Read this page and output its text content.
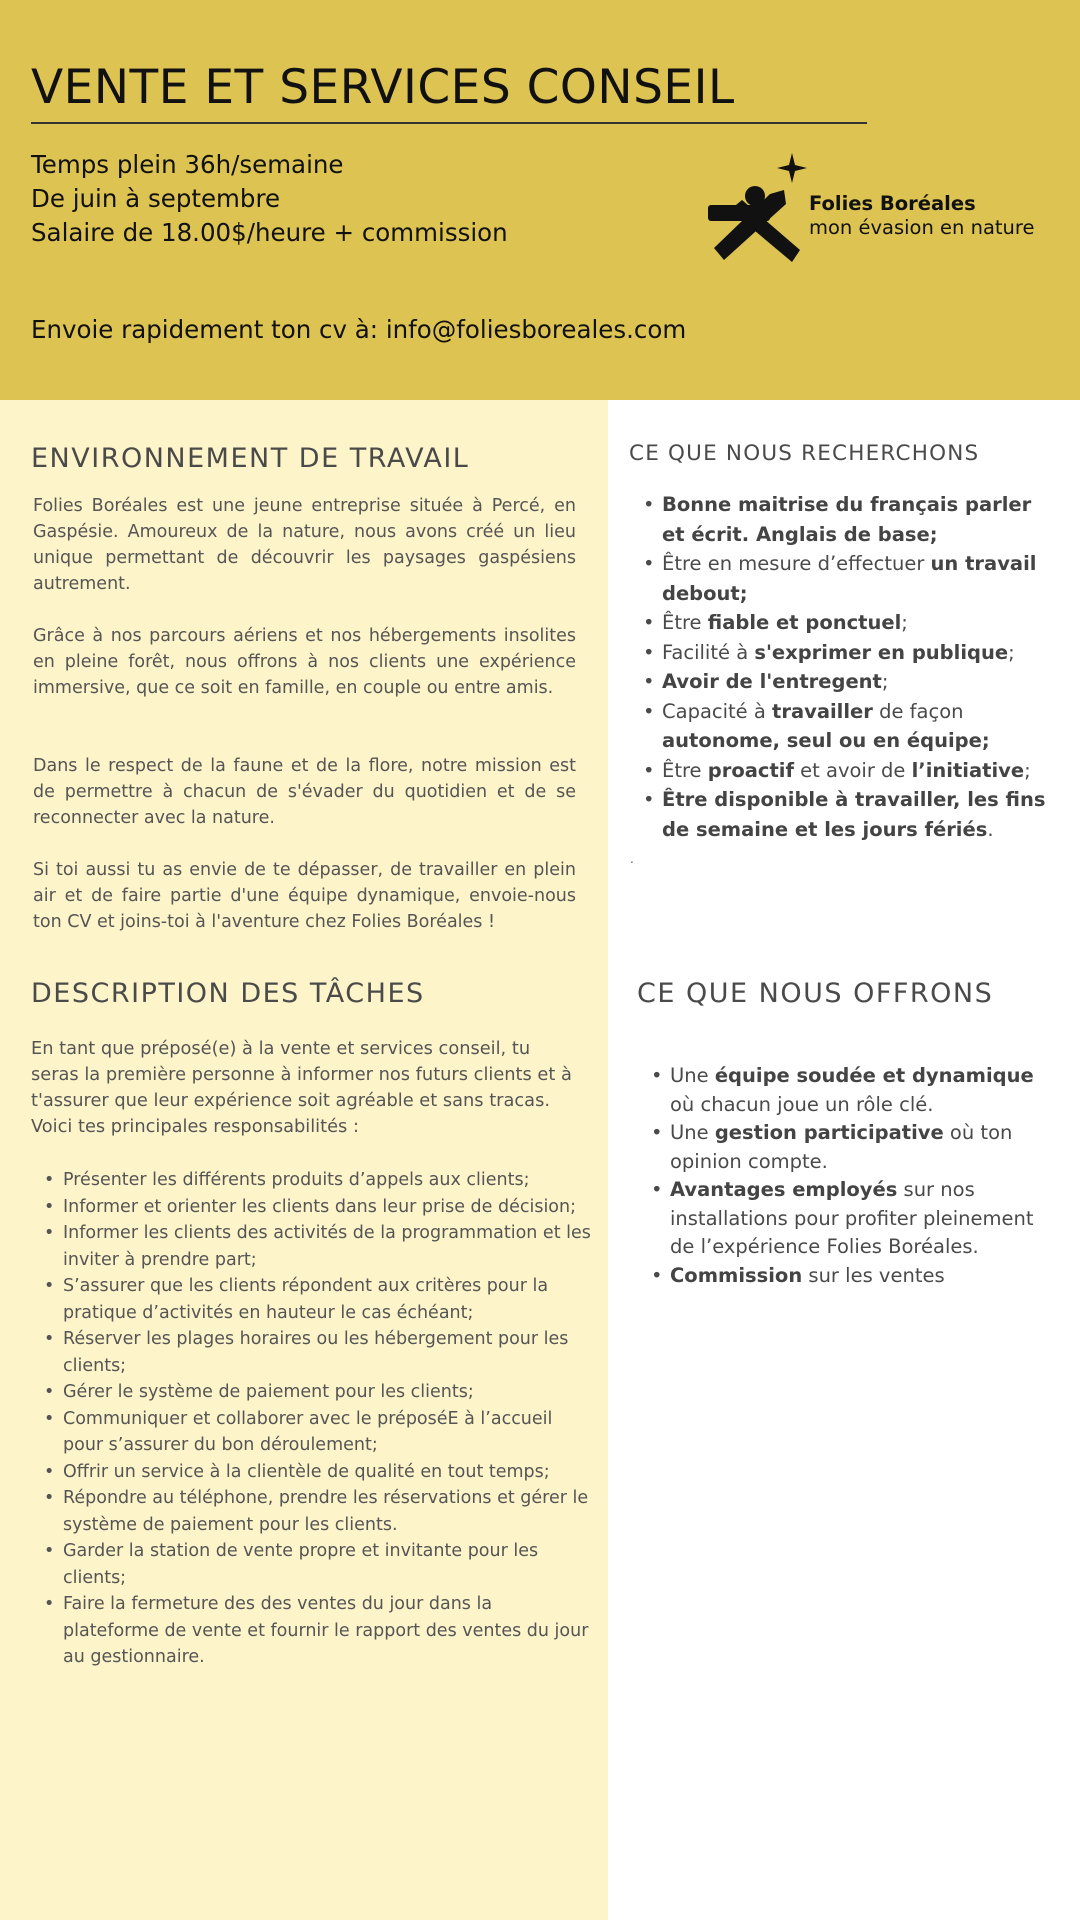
VENTE ET SERVICES CONSEIL
Temps plein 36h/semaine
De juin à septembre
Salaire de 18.00$/heure + commission
Envoie rapidement ton cv à: info@foliesboreales.com
Folies Boréales
mon évasion en nature
ENVIRONNEMENT DE TRAVAIL
Folies Boréales est une jeune entreprise située à Percé, en Gaspésie. Amoureux de la nature, nous avons créé un lieu unique permettant de découvrir les paysages gaspésiens autrement.
Grâce à nos parcours aériens et nos hébergements insolites en pleine forêt, nous offrons à nos clients une expérience immersive, que ce soit en famille, en couple ou entre amis.
Dans le respect de la faune et de la flore, notre mission est de permettre à chacun de s'évader du quotidien et de se reconnecter avec la nature.
Si toi aussi tu as envie de te dépasser, de travailler en plein air et de faire partie d'une équipe dynamique, envoie-nous ton CV et joins-toi à l'aventure chez Folies Boréales !
CE QUE NOUS RECHERCHONS
• Bonne maitrise du français parler et écrit. Anglais de base;
• Être en mesure d’effectuer un travail debout;
• Être fiable et ponctuel;
• Facilité à s'exprimer en publique;
• Avoir de l'entregent;
• Capacité à travailler de façon autonome, seul ou en équipe;
• Être proactif et avoir de l’initiative;
• Être disponible à travailler, les fins de semaine et les jours fériés.
.
DESCRIPTION DES TÂCHES
En tant que préposé(e) à la vente et services conseil, tu seras la première personne à informer nos futurs clients et à t'assurer que leur expérience soit agréable et sans tracas. Voici tes principales responsabilités :
• Présenter les différents produits d’appels aux clients;
• Informer et orienter les clients dans leur prise de décision;
• Informer les clients des activités de la programmation et les inviter à prendre part;
• S’assurer que les clients répondent aux critères pour la pratique d’activités en hauteur le cas échéant;
• Réserver les plages horaires ou les hébergement pour les clients;
• Gérer le système de paiement pour les clients;
• Communiquer et collaborer avec le préposéE à l’accueil pour s’assurer du bon déroulement;
• Offrir un service à la clientèle de qualité en tout temps;
• Répondre au téléphone, prendre les réservations et gérer le système de paiement pour les clients.
• Garder la station de vente propre et invitante pour les clients;
• Faire la fermeture des des ventes du jour dans la plateforme de vente et fournir le rapport des ventes du jour au gestionnaire.
CE QUE NOUS OFFRONS
• Une équipe soudée et dynamique où chacun joue un rôle clé.
• Une gestion participative où ton opinion compte.
• Avantages employés sur nos installations pour profiter pleinement de l’expérience Folies Boréales.
• Commission sur les ventes
